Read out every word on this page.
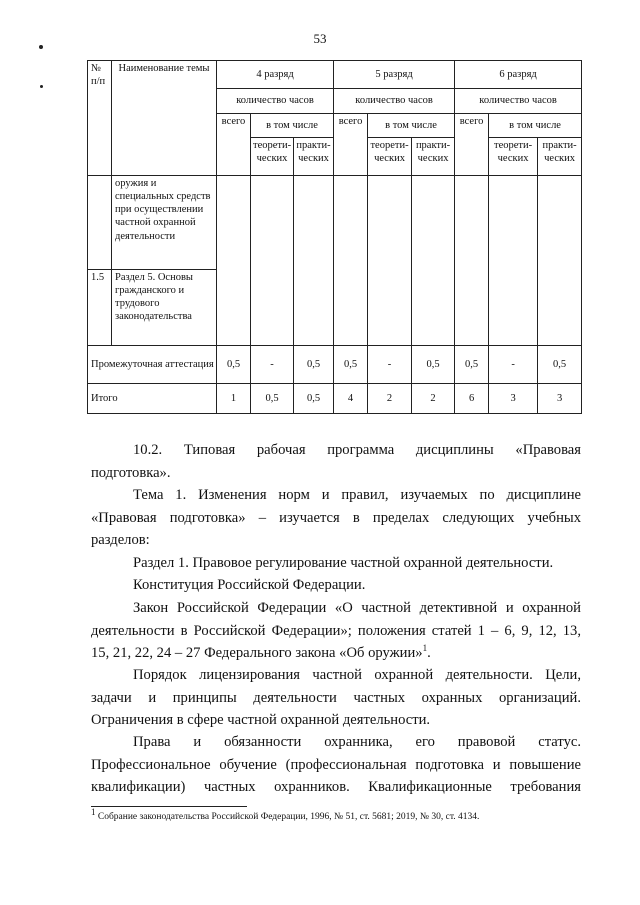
53
№ п/п	Наименование темы	4 разряд			5 разряд			6 разряд		
		количество часов			количество часов			количество часов		
		всего	в том числе		всего	в том числе		всего	в том числе	
			теорети-ческих	практи-ческих		теорети-ческих	практи-ческих		теорети-ческих	практи-ческих
	оружия и специальных средств при осуществлении частной охранной деятельности									
1.5	Раздел 5. Основы гражданского и трудового законодательства									
Промежуточная аттестация		0,5	-	0,5	0,5	-	0,5	0,5	-	0,5
Итого		1	0,5	0,5	4	2	2	6	3	3
10.2. Типовая рабочая программа дисциплины «Правовая
подготовка».
Тема 1. Изменения норм и правил, изучаемых по дисциплине
«Правовая подготовка» – изучается в пределах следующих учебных
разделов:
Раздел 1. Правовое регулирование частной охранной деятельности.
Конституция Российской Федерации.
Закон Российской Федерации «О частной детективной и охранной
деятельности в Российской Федерации»; положения статей 1 – 6, 9, 12, 13,
15, 21, 22, 24 – 27 Федерального закона «Об оружии»$^1$.
Порядок лицензирования частной охранной деятельности. Цели,
задачи и принципы деятельности частных охранных организаций.
Ограничения в сфере частной охранной деятельности.
Права и обязанности охранника, его правовой статус.
Профессиональное обучение (профессиональная подготовка и повышение
квалификации) частных охранников. Квалификационные требования
$^1$ Собрание законодательства Российской Федерации, 1996, № 51, ст. 5681; 2019, № 30, ст. 4134.
